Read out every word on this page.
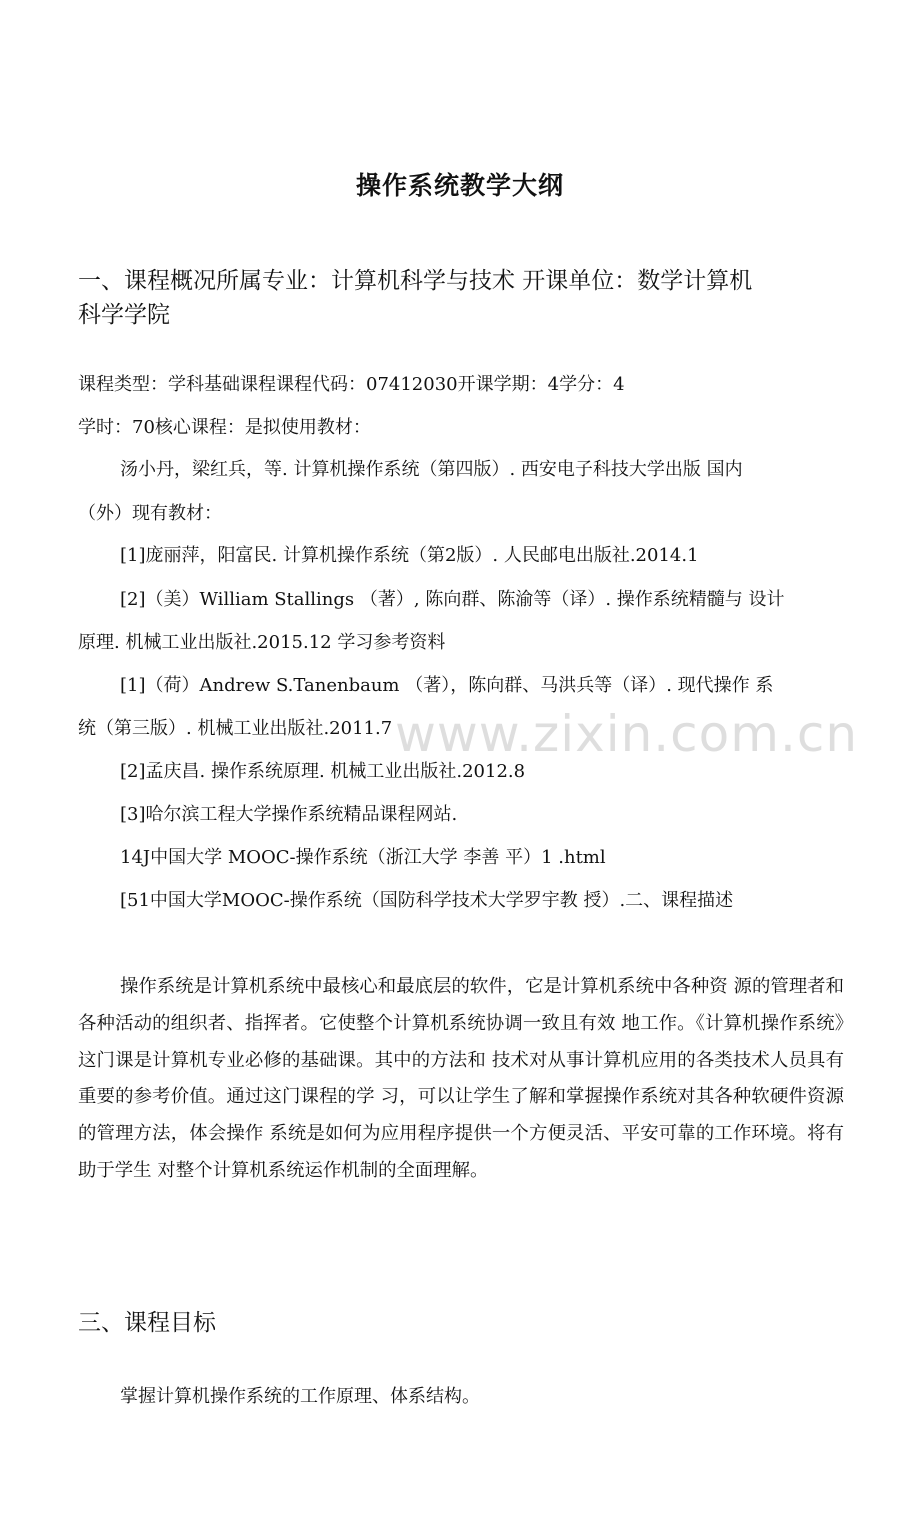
操作系统教学大纲
一、课程概况所属专业：计算机科学与技术 开课单位：数学计算机
科学学院
课程类型：学科基础课程课程代码：07412030开课学期：4学分：4
学时：70核心课程：是拟使用教材：
汤小丹，梁红兵，等. 计算机操作系统（第四版）. 西安电子科技大学出版 国内
（外）现有教材：
[1]庞丽萍，阳富民. 计算机操作系统（第2版）. 人民邮电出版社.2014.1
[2]（美）William Stallings （著）, 陈向群、陈渝等（译）. 操作系统精髓与 设计
原理. 机械工业出版社.2015.12 学习参考资料
[1]（荷）Andrew S.Tanenbaum （著），陈向群、马洪兵等（译）. 现代操作 系
统（第三版）. 机械工业出版社.2011.7
[2]孟庆昌. 操作系统原理. 机械工业出版社.2012.8
[3]哈尔滨工程大学操作系统精品课程网站.
14J中国大学 MOOC-操作系统（浙江大学 李善 平）1 .html
[51中国大学MOOC-操作系统（国防科学技术大学罗宇教 授）.二、课程描述
操作系统是计算机系统中最核心和最底层的软件，它是计算机系统中各种资 源的管理者和各种活动的组织者、指挥者。它使整个计算机系统协调一致且有效 地工作。《计算机操作系统》这门课是计算机专业必修的基础课。其中的方法和 技术对从事计算机应用的各类技术人员具有重要的参考价值。通过这门课程的学 习，可以让学生了解和掌握操作系统对其各种软硬件资源的管理方法，体会操作 系统是如何为应用程序提供一个方便灵活、平安可靠的工作环境。将有助于学生 对整个计算机系统运作机制的全面理解。
三、课程目标
掌握计算机操作系统的工作原理、体系结构。
www.zixin.com.cn
